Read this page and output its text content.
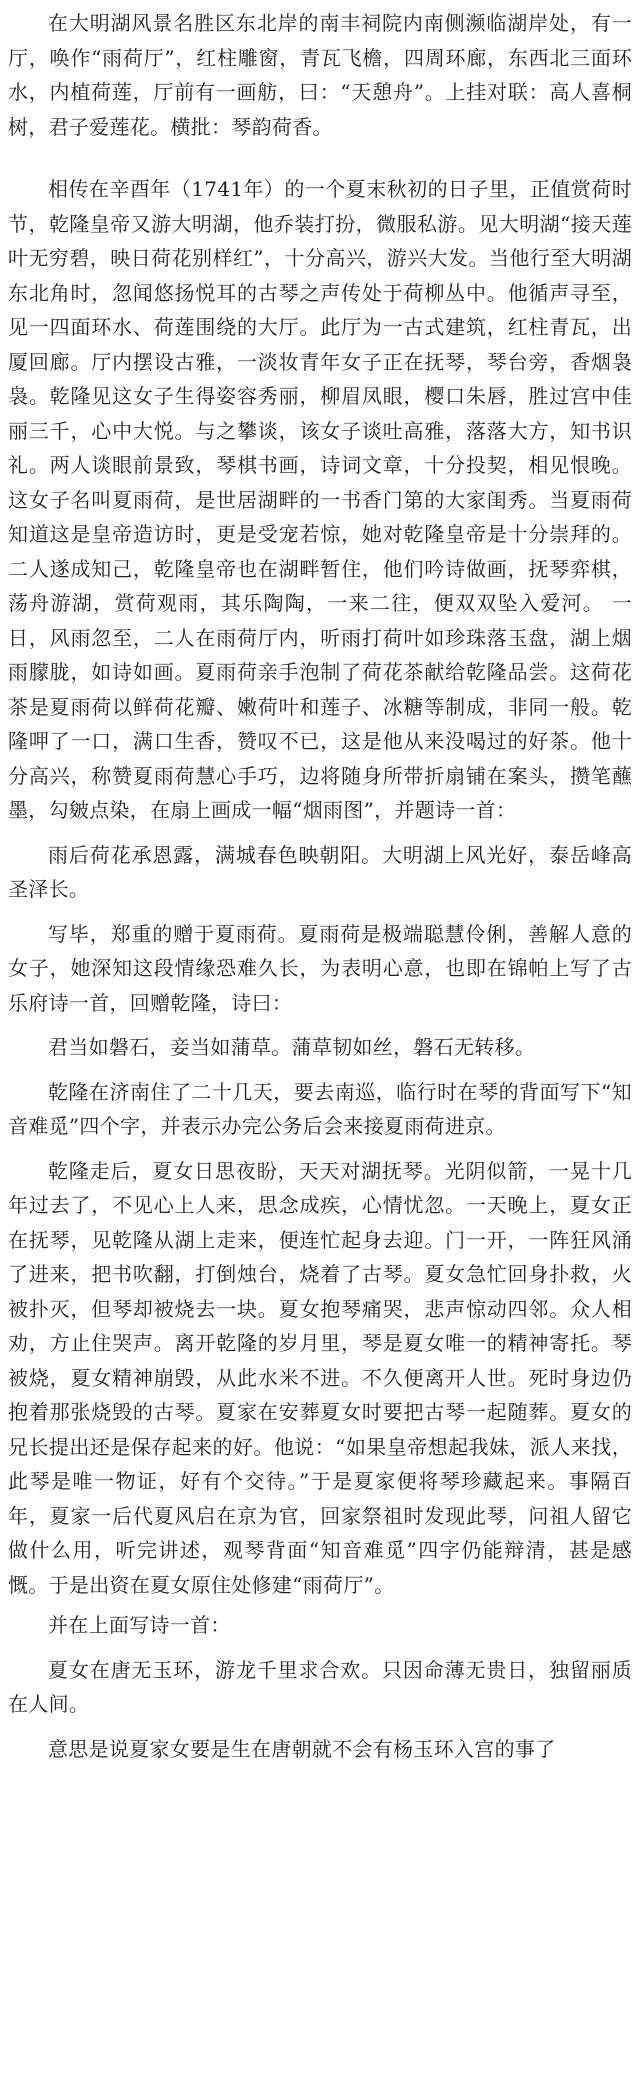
在大明湖风景名胜区东北岸的南丰祠院内南侧濒临湖岸处，有一厅，唤作“雨荷厅”，红柱雕窗，青瓦飞檐，四周环廊，东西北三面环水，内植荷莲，厅前有一画舫，曰：“天憩舟”。上挂对联：高人喜桐树，君子爱莲花。横批：琴韵荷香。

相传在辛酉年（1741年）的一个夏末秋初的日子里，正值赏荷时节，乾隆皇帝又游大明湖，他乔装打扮，微服私游。见大明湖“接天莲叶无穷碧，映日荷花别样红”，十分高兴，游兴大发。当他行至大明湖东北角时，忽闻悠扬悦耳的古琴之声传处于荷柳丛中。他循声寻至，见一四面环水、荷莲围绕的大厅。此厅为一古式建筑，红柱青瓦，出厦回廊。厅内摆设古雅，一淡妆青年女子正在抚琴，琴台旁，香烟袅袅。乾隆见这女子生得姿容秀丽，柳眉凤眼，樱口朱唇，胜过宫中佳丽三千，心中大悦。与之攀谈，该女子谈吐高雅，落落大方，知书识礼。两人谈眼前景致，琴棋书画，诗词文章，十分投契，相见恨晚。这女子名叫夏雨荷，是世居湖畔的一书香门第的大家闺秀。当夏雨荷知道这是皇帝造访时，更是受宠若惊，她对乾隆皇帝是十分崇拜的。 二人遂成知己，乾隆皇帝也在湖畔暂住，他们吟诗做画，抚琴弈棋，荡舟游湖，赏荷观雨，其乐陶陶，一来二往，便双双坠入爱河。 一日，风雨忽至，二人在雨荷厅内，听雨打荷叶如珍珠落玉盘，湖上烟雨朦胧，如诗如画。夏雨荷亲手泡制了荷花茶献给乾隆品尝。这荷花茶是夏雨荷以鲜荷花瓣、嫩荷叶和莲子、冰糖等制成，非同一般。乾隆呷了一口，满口生香，赞叹不已，这是他从来没喝过的好茶。他十分高兴，称赞夏雨荷慧心手巧，边将随身所带折扇铺在案头，攒笔蘸墨，勾皴点染，在扇上画成一幅“烟雨图”，并题诗一首：

雨后荷花承恩露，满城春色映朝阳。大明湖上风光好，泰岳峰高圣泽长。

写毕，郑重的赠于夏雨荷。夏雨荷是极端聪慧伶俐，善解人意的女子，她深知这段情缘恐难久长，为表明心意，也即在锦帕上写了古乐府诗一首，回赠乾隆，诗曰：

君当如磐石，妾当如蒲草。蒲草韧如丝，磐石无转移。

乾隆在济南住了二十几天，要去南巡，临行时在琴的背面写下“知音难觅”四个字，并表示办完公务后会来接夏雨荷进京。

乾隆走后，夏女日思夜盼，天天对湖抚琴。光阴似箭，一晃十几年过去了，不见心上人来，思念成疾，心情忧忽。一天晚上，夏女正在抚琴，见乾隆从湖上走来，便连忙起身去迎。门一开，一阵狂风涌了进来，把书吹翻，打倒烛台，烧着了古琴。夏女急忙回身扑救，火被扑灭，但琴却被烧去一块。夏女抱琴痛哭，悲声惊动四邻。众人相劝，方止住哭声。离开乾隆的岁月里，琴是夏女唯一的精神寄托。琴被烧，夏女精神崩毁，从此水米不进。不久便离开人世。死时身边仍抱着那张烧毁的古琴。夏家在安葬夏女时要把古琴一起随葬。夏女的兄长提出还是保存起来的好。他说：“如果皇帝想起我妹，派人来找，此琴是唯一物证，好有个交待。”于是夏家便将琴珍藏起来。事隔百年，夏家一后代夏风启在京为官，回家祭祖时发现此琴，问祖人留它做什么用，听完讲述，观琴背面“知音难觅”四字仍能辩清，甚是感慨。于是出资在夏女原住处修建“雨荷厅”。

并在上面写诗一首：

夏女在唐无玉环，游龙千里求合欢。只因命薄无贵日，独留丽质在人间。

意思是说夏家女要是生在唐朝就不会有杨玉环入宫的事了
